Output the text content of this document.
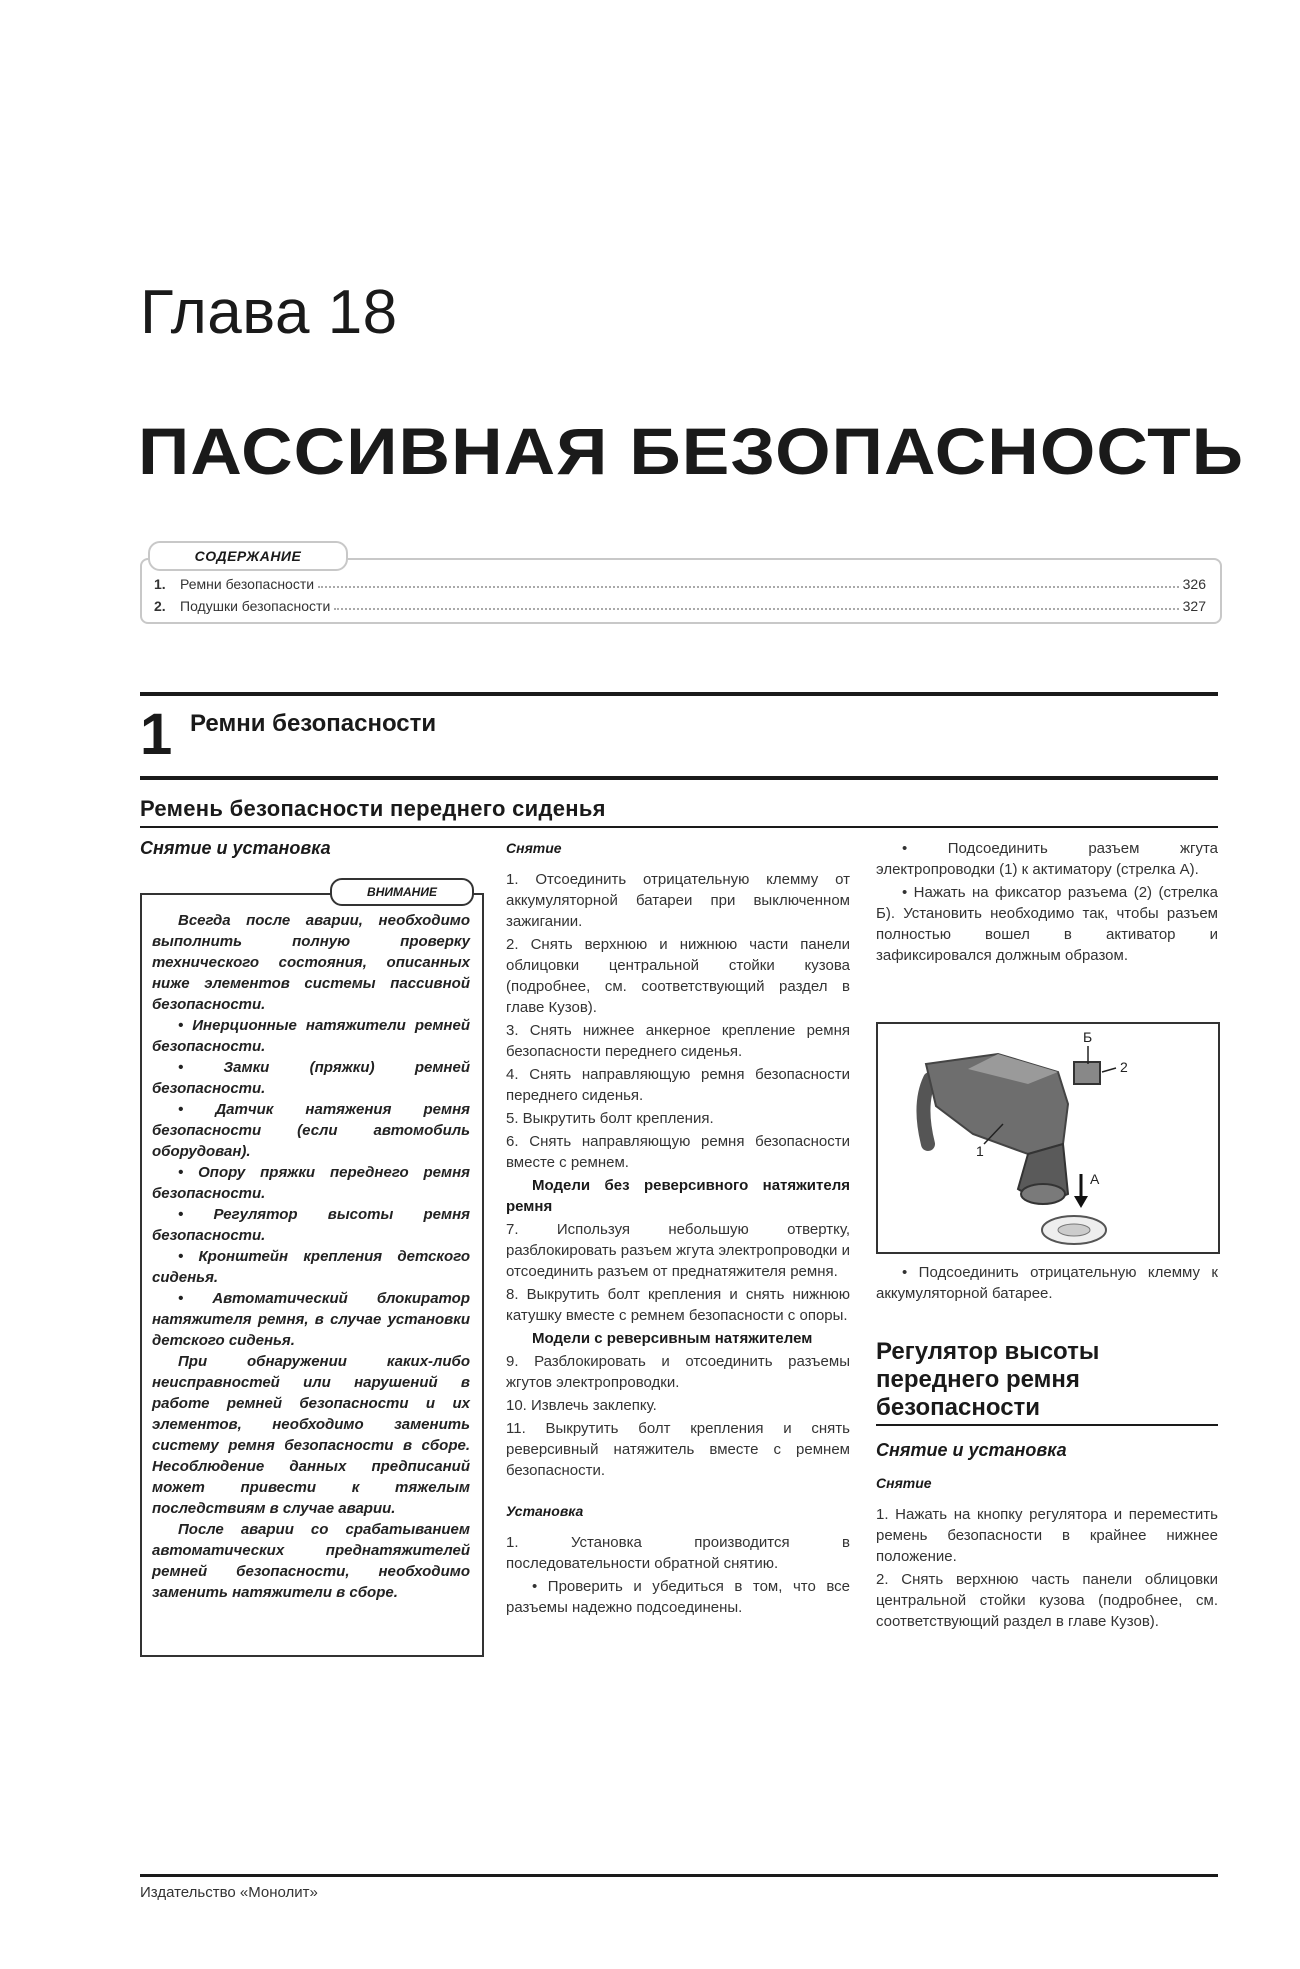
Глава 18
ПАССИВНАЯ БЕЗОПАСНОСТЬ
1.	Ремни безопасности	326
2.	Подушки безопасности	327
СОДЕРЖАНИЕ
1 Ремни безопасности
Ремень безопасности переднего сиденья
Снятие и установка
ВНИМАНИЕ

Всегда после аварии, необходимо выполнить полную проверку технического состояния, описанных ниже элементов системы пассивной безопасности.

• Инерционные натяжители ремней безопасности.

• Замки (пряжки) ремней безопасности.

• Датчик натяжения ремня безопасности (если автомобиль оборудован).

• Опору пряжки переднего ремня безопасности.

• Регулятор высоты ремня безопасности.

• Кронштейн крепления детского сиденья.

• Автоматический блокиратор натяжителя ремня, в случае установки детского сиденья.

При обнаружении каких-либо неисправностей или нарушений в работе ремней безопасности и их элементов, необходимо заменить систему ремня безопасности в сборе. Несоблюдение данных предписаний может привести к тяжелым последствиям в случае аварии.

После аварии со срабатыванием автоматических преднатяжителей ремней безопасности, необходимо заменить натяжители в сборе.

Снятие

1. Отсоединить отрицательную клемму от аккумуляторной батареи при выключенном зажигании.

2. Снять верхнюю и нижнюю части панели облицовки центральной стойки кузова (подробнее, см. соответствующий раздел в главе Кузов).

3. Снять нижнее анкерное крепление ремня безопасности переднего сиденья.

4. Снять направляющую ремня безопасности переднего сиденья.

5. Выкрутить болт крепления.

6. Снять направляющую ремня безопасности вместе с ремнем.

Модели без реверсивного натяжителя ремня

7. Используя небольшую отвертку, разблокировать разъем жгута электропроводки и отсоединить разъем от преднатяжителя ремня.

8. Выкрутить болт крепления и снять нижнюю катушку вместе с ремнем безопасности с опоры.

Модели с реверсивным натяжителем

9. Разблокировать и отсоединить разъемы жгутов электропроводки.

10. Извлечь заклепку.

11. Выкрутить болт крепления и снять реверсивный натяжитель вместе с ремнем безопасности.

Установка

1. Установка производится в последовательности обратной снятию.

• Проверить и убедиться в том, что все разъемы надежно подсоединены.

• Подсоединить разъем жгута электропроводки (1) к актиматору (стрелка А).

• Нажать на фиксатор разъема (2) (стрелка Б). Установить необходимо так, чтобы разъем полностью вошел в активатор и зафиксировался должным образом.

Б
2
1
A

• Подсоединить отрицательную клемму к аккумуляторной батарее.

Регулятор высоты переднего ремня безопасности
Снятие и установка
Снятие

1. Нажать на кнопку регулятора и переместить ремень безопасности в крайнее нижнее положение.

2. Снять верхнюю часть панели облицовки центральной стойки кузова (подробнее, см. соответствующий раздел в главе Кузов).

Издательство «Монолит»
